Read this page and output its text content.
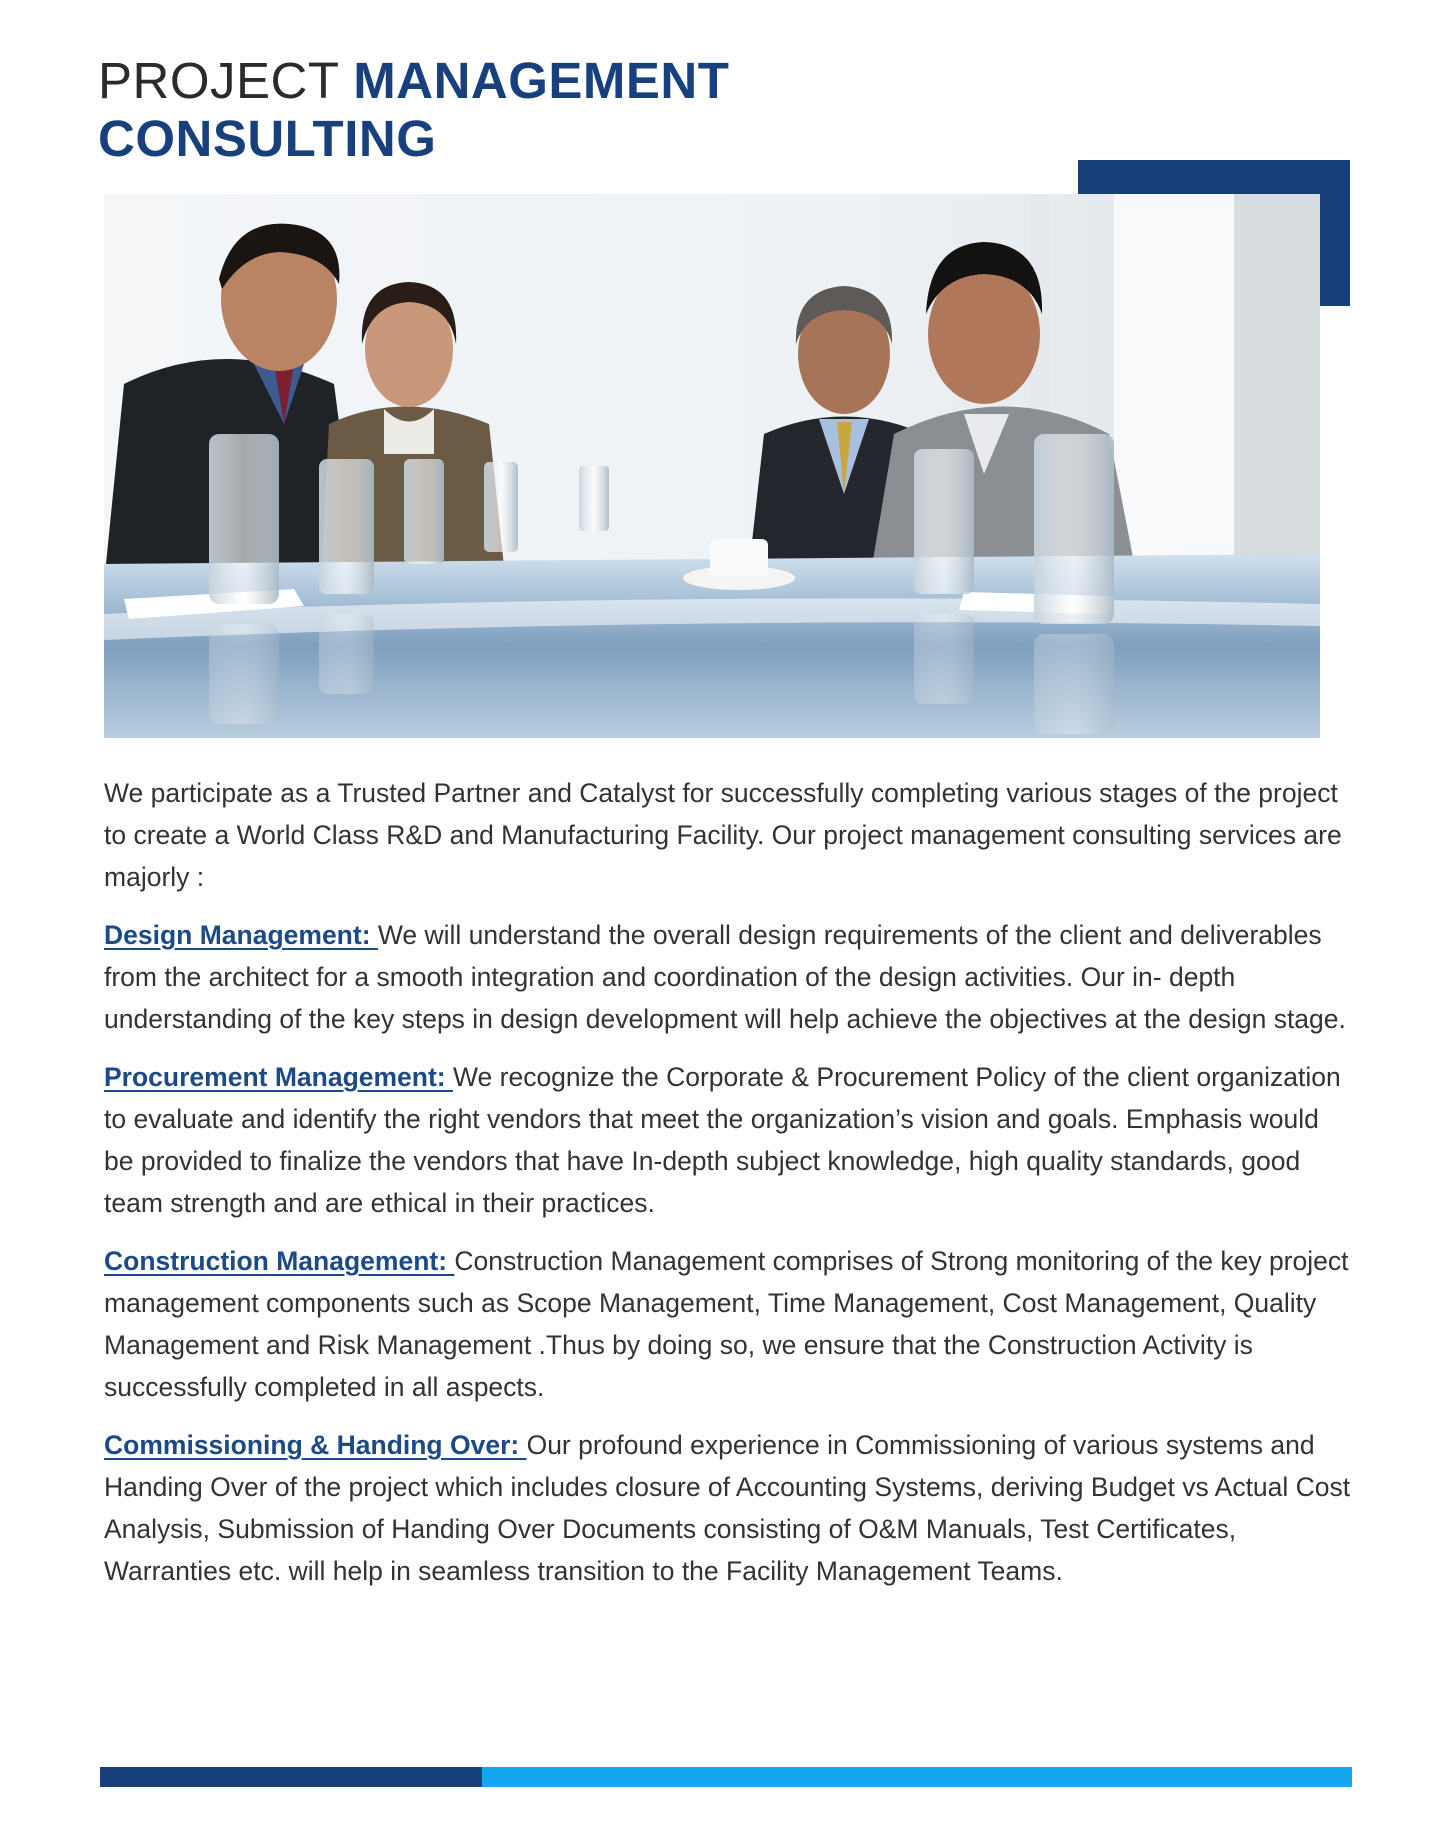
PROJECT MANAGEMENT
CONSULTING

We participate as a Trusted Partner and Catalyst for successfully completing various stages of the project to create a World Class R&D and Manufacturing Facility. Our project management consulting services are majorly :

Design Management: We will understand the overall design requirements of the client and deliverables from the architect for a smooth integration and coordination of the design activities. Our in- depth understanding of the key steps in design development will help achieve the objectives at the design stage.

Procurement Management: We recognize the Corporate & Procurement Policy of the client organization to evaluate and identify the right vendors that meet the organization’s vision and goals. Emphasis would be provided to finalize the vendors that have In-depth subject knowledge, high quality standards, good team strength and are ethical in their practices.

Construction Management: Construction Management comprises of Strong monitoring of the key project management components such as Scope Management, Time Management, Cost Management, Quality Management and Risk Management .Thus by doing so, we ensure that the Construction Activity is successfully completed in all aspects.

Commissioning & Handing Over: Our profound experience in Commissioning of various systems and Handing Over of the project which includes closure of Accounting Systems, deriving Budget vs Actual Cost Analysis, Submission of Handing Over Documents consisting of O&M Manuals, Test Certificates, Warranties etc. will help in seamless transition to the Facility Management Teams.
